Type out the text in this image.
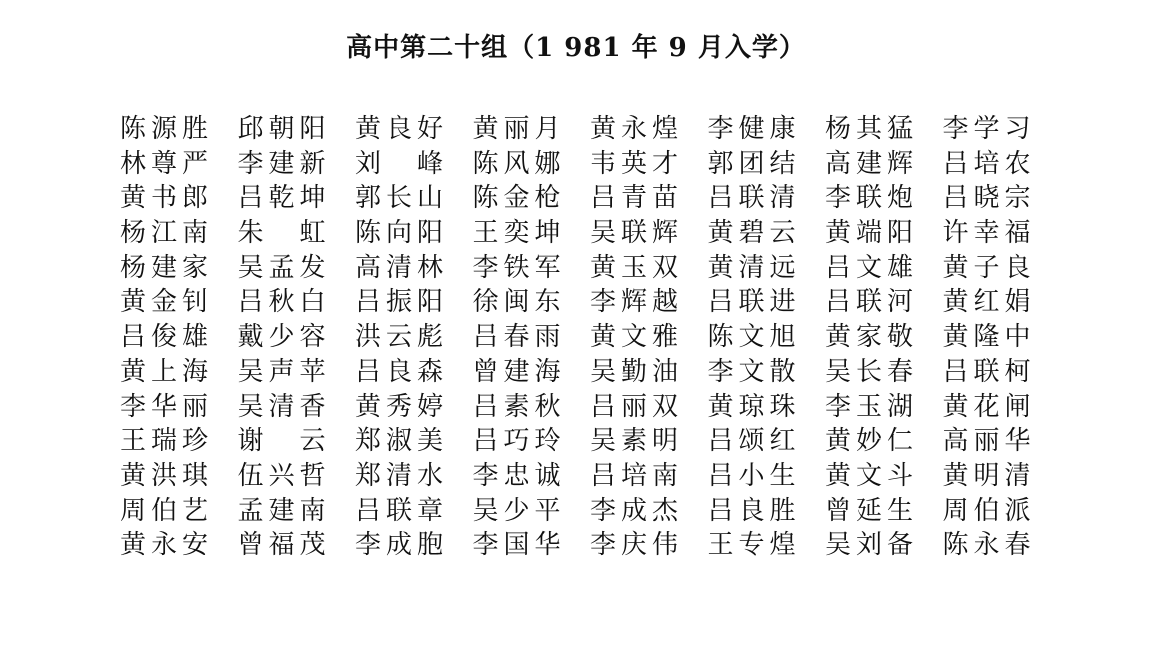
高中第二十组（1 981 年 9 月入学）
陈源胜 邱朝阳 黄良好 黄丽月 黄永煌 李健康 杨其猛 李学习
林尊严 李建新 刘　峰 陈风娜 韦英才 郭团结 高建辉 吕培农
黄书郎 吕乾坤 郭长山 陈金枪 吕青苗 吕联清 李联炮 吕晓宗
杨江南 朱　虹 陈向阳 王奕坤 吴联辉 黄碧云 黄端阳 许幸福
杨建家 吴孟发 高清林 李铁军 黄玉双 黄清远 吕文雄 黄子良
黄金钊 吕秋白 吕振阳 徐闽东 李辉越 吕联进 吕联河 黄红娟
吕俊雄 戴少容 洪云彪 吕春雨 黄文雅 陈文旭 黄家敬 黄隆中
黄上海 吴声苹 吕良森 曾建海 吴勤油 李文散 吴长春 吕联柯
李华丽 吴清香 黄秀婷 吕素秋 吕丽双 黄琼珠 李玉湖 黄花闸
王瑞珍 谢　云 郑淑美 吕巧玲 吴素明 吕颂红 黄妙仁 高丽华
黄洪琪 伍兴哲 郑清水 李忠诚 吕培南 吕小生 黄文斗 黄明清
周伯艺 孟建南 吕联章 吴少平 李成杰 吕良胜 曾延生 周伯派
黄永安 曾福茂 李成胞 李国华 李庆伟 王专煌 吴刘备 陈永春
